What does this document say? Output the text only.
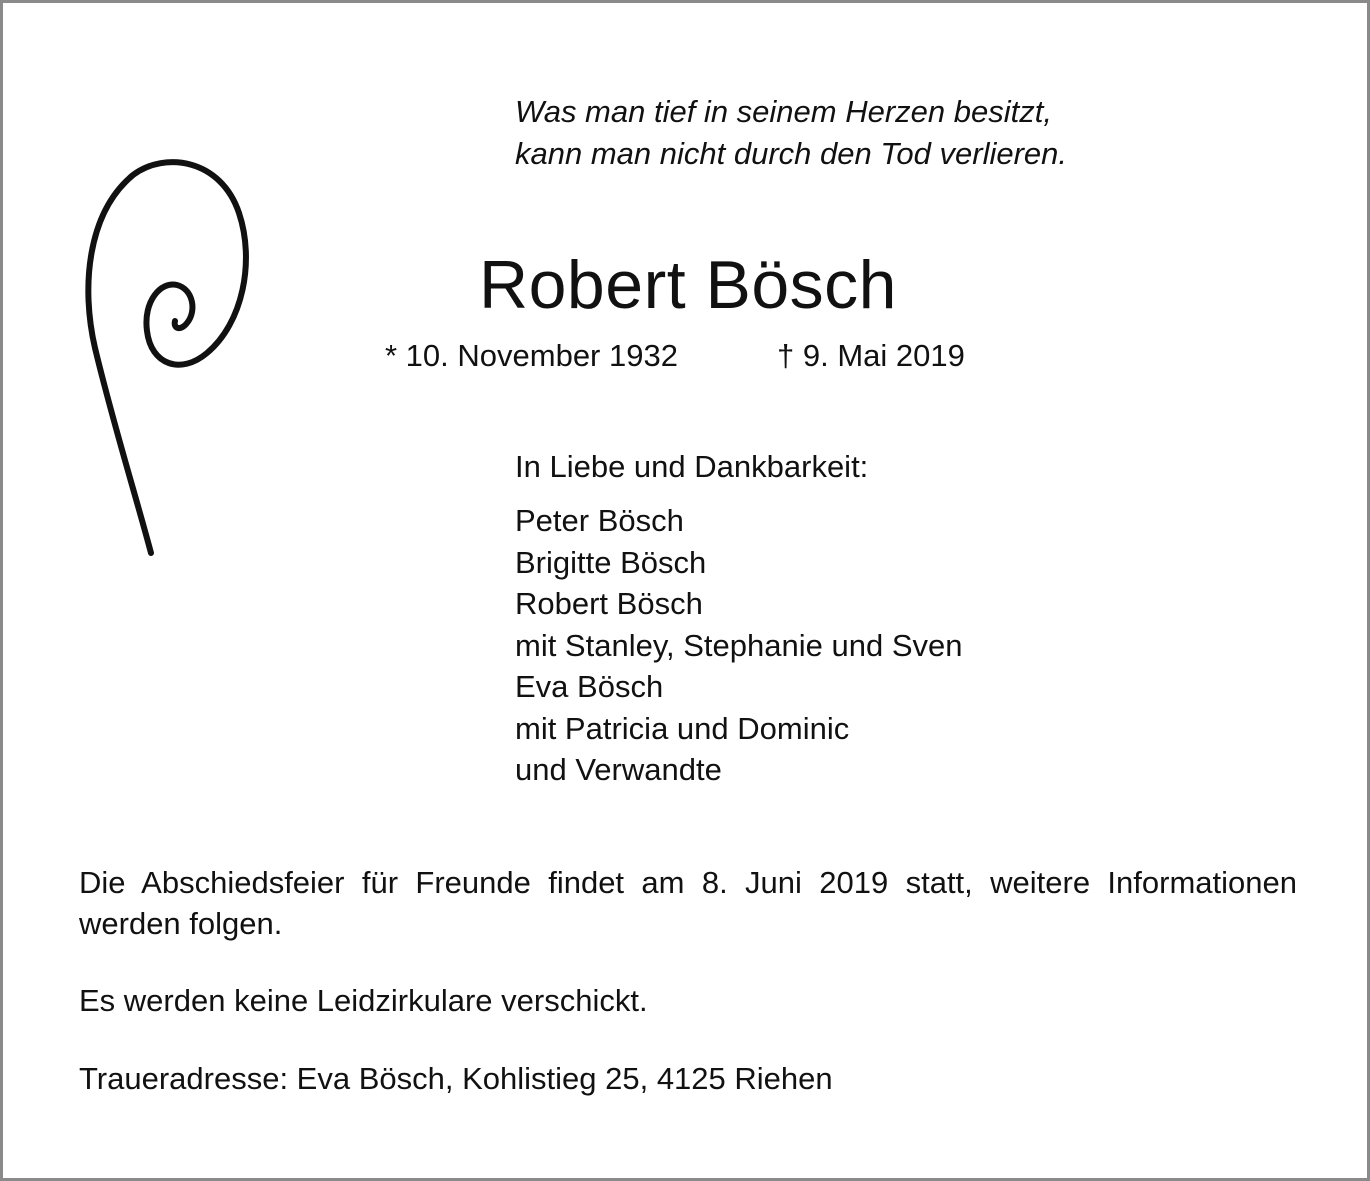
Was man tief in seinem Herzen besitzt,
kann man nicht durch den Tod verlieren.
Robert Bösch
* 10. November 1932	† 9. Mai 2019
In Liebe und Dankbarkeit:
Peter Bösch
Brigitte Bösch
Robert Bösch
mit Stanley, Stephanie und Sven
Eva Bösch
mit Patricia und Dominic
und Verwandte
Die Abschiedsfeier für Freunde findet am 8. Juni 2019 statt, weitere Informationen werden folgen.
Es werden keine Leidzirkulare verschickt.
Traueradresse: Eva Bösch, Kohlistieg 25, 4125 Riehen
